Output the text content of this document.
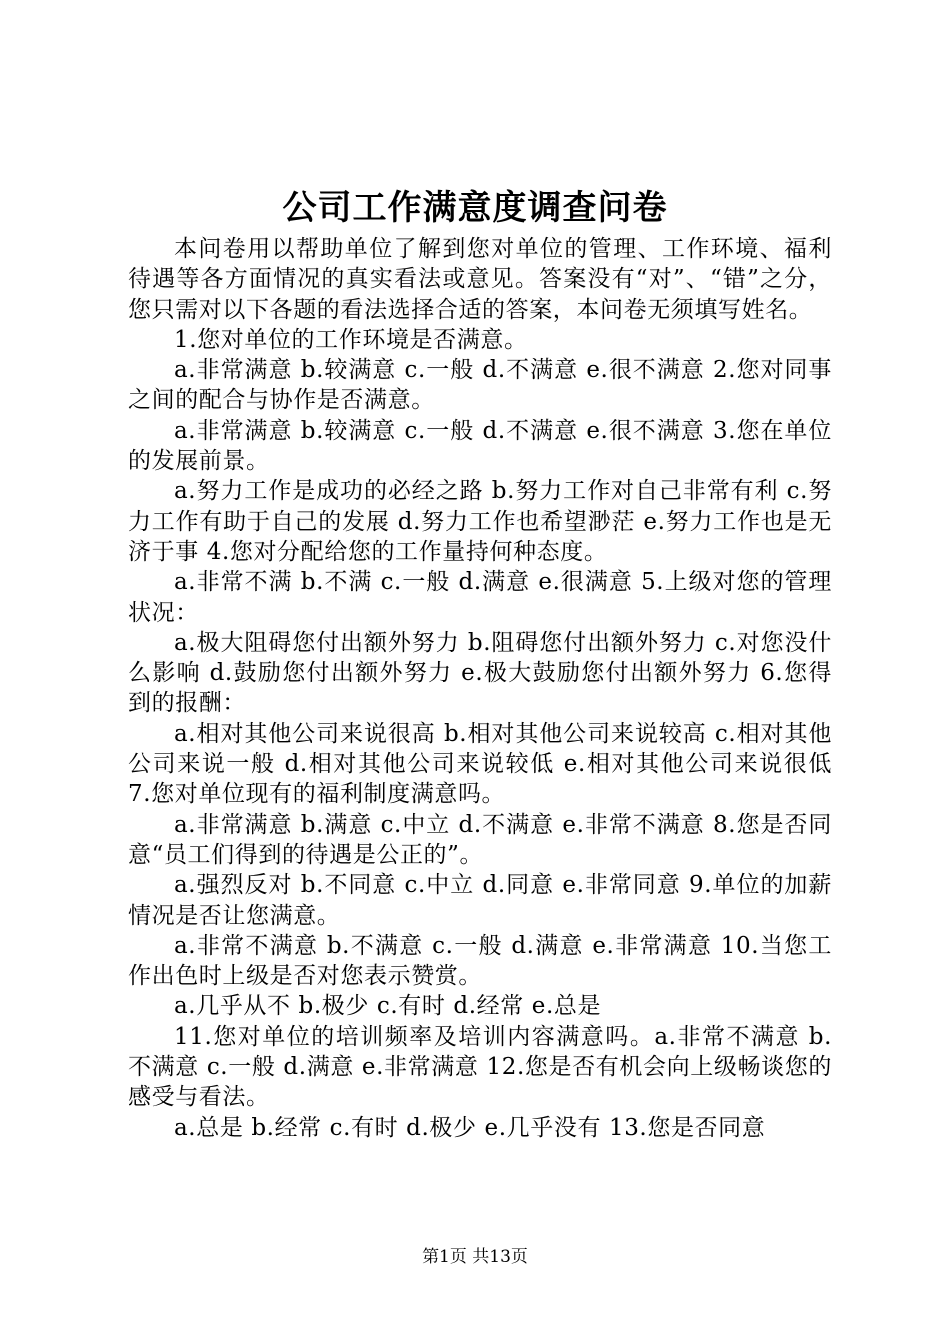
公司工作满意度调查问卷

本问卷用以帮助单位了解到您对单位的管理、工作环境、福利待遇等各方面情况的真实看法或意见。答案没有“对”、“错”之分，您只需对以下各题的看法选择合适的答案，本问卷无须填写姓名。

1.您对单位的工作环境是否满意。

a.非常满意 b.较满意 c.一般 d.不满意 e.很不满意 2.您对同事之间的配合与协作是否满意。

a.非常满意 b.较满意 c.一般 d.不满意 e.很不满意 3.您在单位的发展前景。

a.努力工作是成功的必经之路 b.努力工作对自己非常有利 c.努力工作有助于自己的发展 d.努力工作也希望渺茫 e.努力工作也是无济于事 4.您对分配给您的工作量持何种态度。

a.非常不满 b.不满 c.一般 d.满意 e.很满意 5.上级对您的管理状况：

a.极大阻碍您付出额外努力 b.阻碍您付出额外努力 c.对您没什么影响 d.鼓励您付出额外努力 e.极大鼓励您付出额外努力 6.您得到的报酬：

a.相对其他公司来说很高 b.相对其他公司来说较高 c.相对其他公司来说一般 d.相对其他公司来说较低 e.相对其他公司来说很低 7.您对单位现有的福利制度满意吗。

a.非常满意 b.满意 c.中立 d.不满意 e.非常不满意 8.您是否同意“员工们得到的待遇是公正的”。

a.强烈反对 b.不同意 c.中立 d.同意 e.非常同意 9.单位的加薪情况是否让您满意。

a.非常不满意 b.不满意 c.一般 d.满意 e.非常满意 10.当您工作出色时上级是否对您表示赞赏。

a.几乎从不 b.极少 c.有时 d.经常 e.总是

11.您对单位的培训频率及培训内容满意吗。a.非常不满意 b.不满意 c.一般 d.满意 e.非常满意 12.您是否有机会向上级畅谈您的感受与看法。

a.总是 b.经常 c.有时 d.极少 e.几乎没有 13.您是否同意

第1页 共13页
